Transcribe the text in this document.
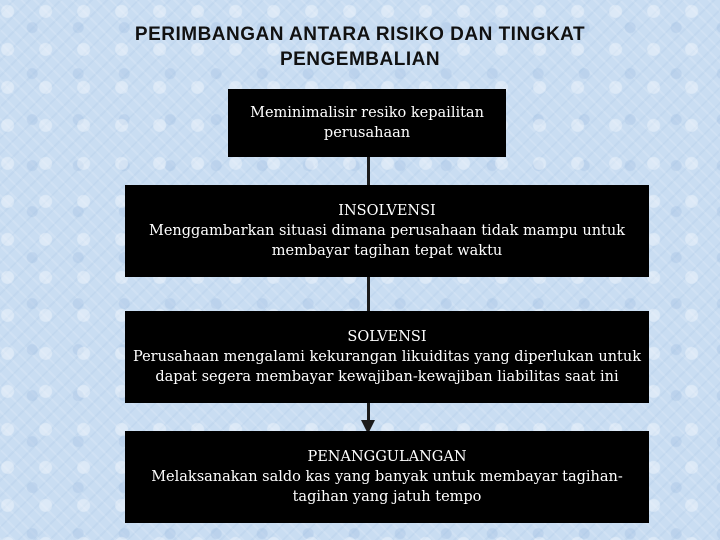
PERIMBANGAN ANTARA RISIKO DAN TINGKAT
PENGEMBALIAN
Meminimalisir resiko kepailitan
perusahaan
INSOLVENSI
Menggambarkan situasi dimana perusahaan tidak mampu untuk
membayar tagihan tepat waktu
SOLVENSI
Perusahaan mengalami kekurangan likuiditas yang diperlukan untuk
dapat segera membayar kewajiban-kewajiban liabilitas saat ini
PENANGGULANGAN
Melaksanakan saldo kas yang banyak untuk membayar tagihan-
tagihan yang jatuh tempo
